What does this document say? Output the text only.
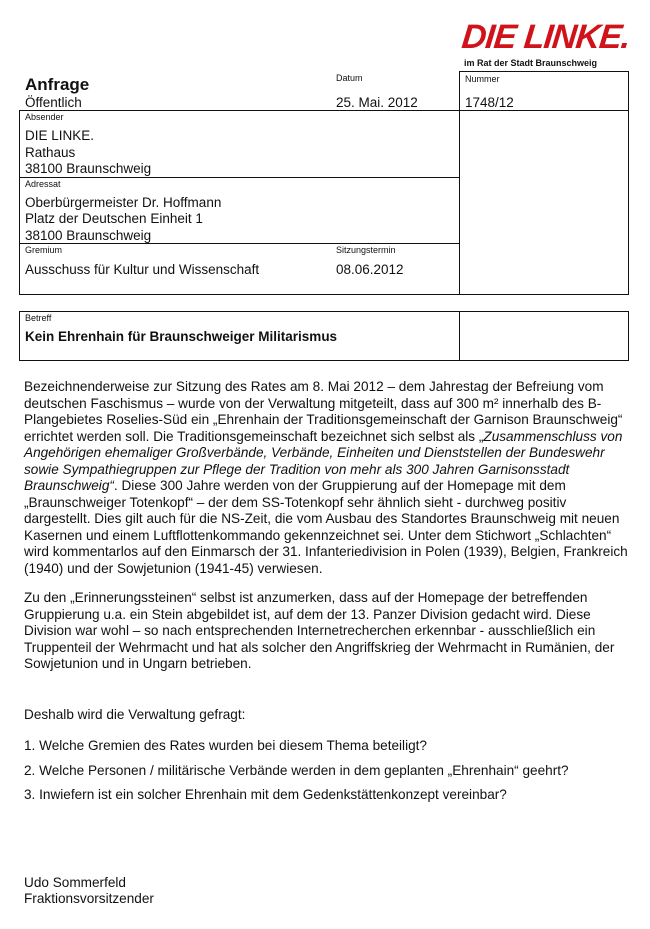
DIE LINKE.
im Rat der Stadt Braunschweig
Anfrage
Öffentlich
Datum
25. Mai. 2012
Nummer
1748/12
Absender
DIE LINKE.
Rathaus
38100 Braunschweig
Adressat
Oberbürgermeister Dr. Hoffmann
Platz der Deutschen Einheit 1
38100 Braunschweig
Gremium
Ausschuss für Kultur und Wissenschaft
Sitzungstermin
08.06.2012
Betreff
Kein Ehrenhain für Braunschweiger Militarismus

Bezeichnenderweise zur Sitzung des Rates am 8. Mai 2012 – dem Jahrestag der Befreiung vom deutschen Faschismus – wurde von der Verwaltung mitgeteilt, dass auf 300 m² innerhalb des B-Plangebietes Roselies-Süd ein „Ehrenhain der Traditionsgemeinschaft der Garnison Braunschweig“ errichtet werden soll. Die Traditionsgemeinschaft bezeichnet sich selbst als „Zusammenschluss von Angehörigen ehemaliger Großverbände, Verbände, Einheiten und Dienststellen der Bundeswehr sowie Sympathiegruppen zur Pflege der Tradition von mehr als 300 Jahren Garnisonsstadt Braunschweig“. Diese 300 Jahre werden von der Gruppierung auf der Homepage mit dem „Braunschweiger Totenkopf“ – der dem SS-Totenkopf sehr ähnlich sieht - durchweg positiv dargestellt. Dies gilt auch für die NS-Zeit, die vom Ausbau des Standortes Braunschweig mit neuen Kasernen und einem Luftflottenkommando gekennzeichnet sei. Unter dem Stichwort „Schlachten“ wird kommentarlos auf den Einmarsch der 31. Infanteriedivision in Polen (1939), Belgien, Frankreich (1940) und der Sowjetunion (1941-45) verwiesen.

Zu den „Erinnerungssteinen“ selbst ist anzumerken, dass auf der Homepage der betreffenden Gruppierung u.a. ein Stein abgebildet ist, auf dem der 13. Panzer Division gedacht wird. Diese Division war wohl – so nach entsprechenden Internetrecherchen erkennbar - ausschließlich ein Truppenteil der Wehrmacht und hat als solcher den Angriffskrieg der Wehrmacht in Rumänien, der Sowjetunion und in Ungarn betrieben.

Deshalb wird die Verwaltung gefragt:
1. Welche Gremien des Rates wurden bei diesem Thema beteiligt?
2. Welche Personen / militärische Verbände werden in dem geplanten „Ehrenhain“ geehrt?
3. Inwiefern ist ein solcher Ehrenhain mit dem Gedenkstättenkonzept vereinbar?
Udo Sommerfeld
Fraktionsvorsitzender
